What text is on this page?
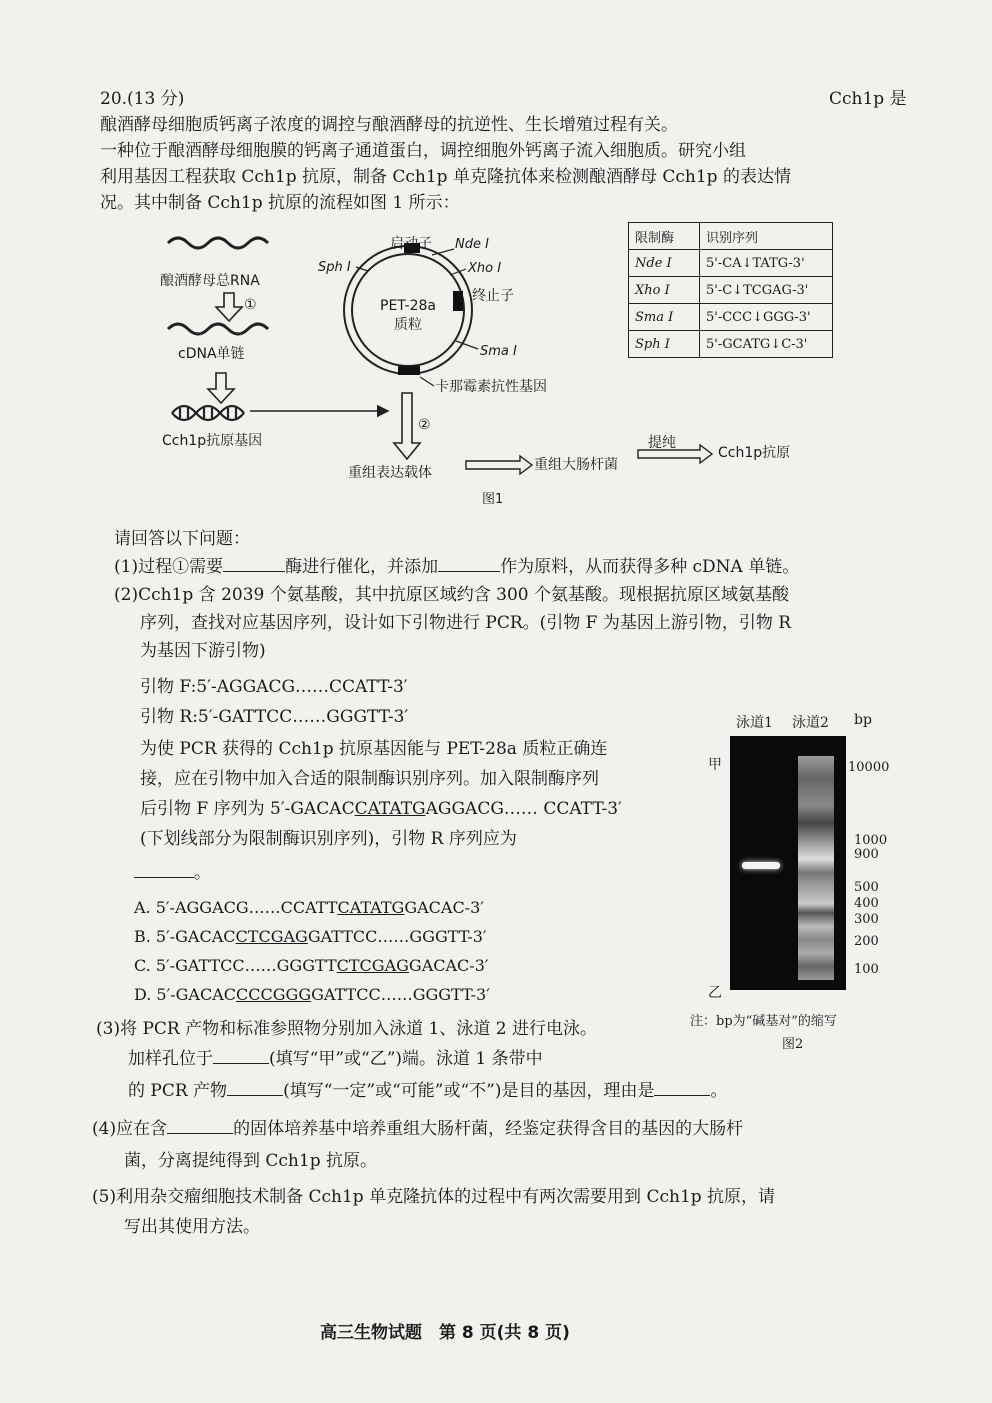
20.(13 分)	Cch1p 是
酿酒酵母细胞质钙离子浓度的调控与酿酒酵母的抗逆性、生长增殖过程有关。
一种位于酿酒酵母细胞膜的钙离子通道蛋白，调控细胞外钙离子流入细胞质。研究小组
利用基因工程获取 Cch1p 抗原，制备 Cch1p 单克隆抗体来检测酿酒酵母 Cch1p 的表达情
况。其中制备 Cch1p 抗原的流程如图 1 所示：
酿酒酵母总RNA
①
cDNA单链
Cch1p抗原基因
PET-28a
质粒
启动子 Nde Ⅰ
Xho Ⅰ
终止子
Sma Ⅰ
Sph Ⅰ
卡那霉素抗性基因
②
重组表达载体	重组大肠杆菌
提纯
Cch1p抗原
图1
限制酶	识别序列
Nde Ⅰ	5'-CA↓TATG-3'
Xho Ⅰ	5'-C↓TCGAG-3'
Sma Ⅰ	5'-CCC↓GGG-3'
Sph Ⅰ	5'-GCATG↓C-3'
请回答以下问题：
(1)过程①需要	酶进行催化，并添加	作为原料，从而获得多种 cDNA 单链。
(2)Cch1p 含 2039 个氨基酸，其中抗原区域约含 300 个氨基酸。现根据抗原区域氨基酸
序列，查找对应基因序列，设计如下引物进行 PCR。(引物 F 为基因上游引物，引物 R
为基因下游引物)
引物 F:5′-AGGACG……CCATT-3′
引物 R:5′-GATTCC……GGGTT-3′
为使 PCR 获得的 Cch1p 抗原基因能与 PET-28a 质粒正确连
接，应在引物中加入合适的限制酶识别序列。加入限制酶序列
后引物 F 序列为 5′-GACACCATATGAGGACG…… CCATT-3′
(下划线部分为限制酶识别序列)，引物 R 序列应为
。
A. 5′-AGGACG……CCATTCATATGGACAC-3′
B. 5′-GACACCTCGAGGATTCC……GGGTT-3′
C. 5′-GATTCC……GGGTTCTCGAGGACAC-3′
D. 5′-GACACCCCGGGGATTCC……GGGTT-3′
泳道1 泳道2 bp
甲
乙
10000
1000
900
500
400
300
200
100
注：bp为“碱基对”的缩写
图2
(3)将 PCR 产物和标准参照物分别加入泳道 1、泳道 2 进行电泳。
加样孔位于	(填写“甲”或“乙”)端。泳道 1 条带中
的 PCR 产物	(填写“一定”或“可能”或“不”)是目的基因，理由是	。
(4)应在含	的固体培养基中培养重组大肠杆菌，经鉴定获得含目的基因的大肠杆
菌，分离提纯得到 Cch1p 抗原。
(5)利用杂交瘤细胞技术制备 Cch1p 单克隆抗体的过程中有两次需要用到 Cch1p 抗原，请
写出其使用方法。
高三生物试题　第 8 页(共 8 页)
